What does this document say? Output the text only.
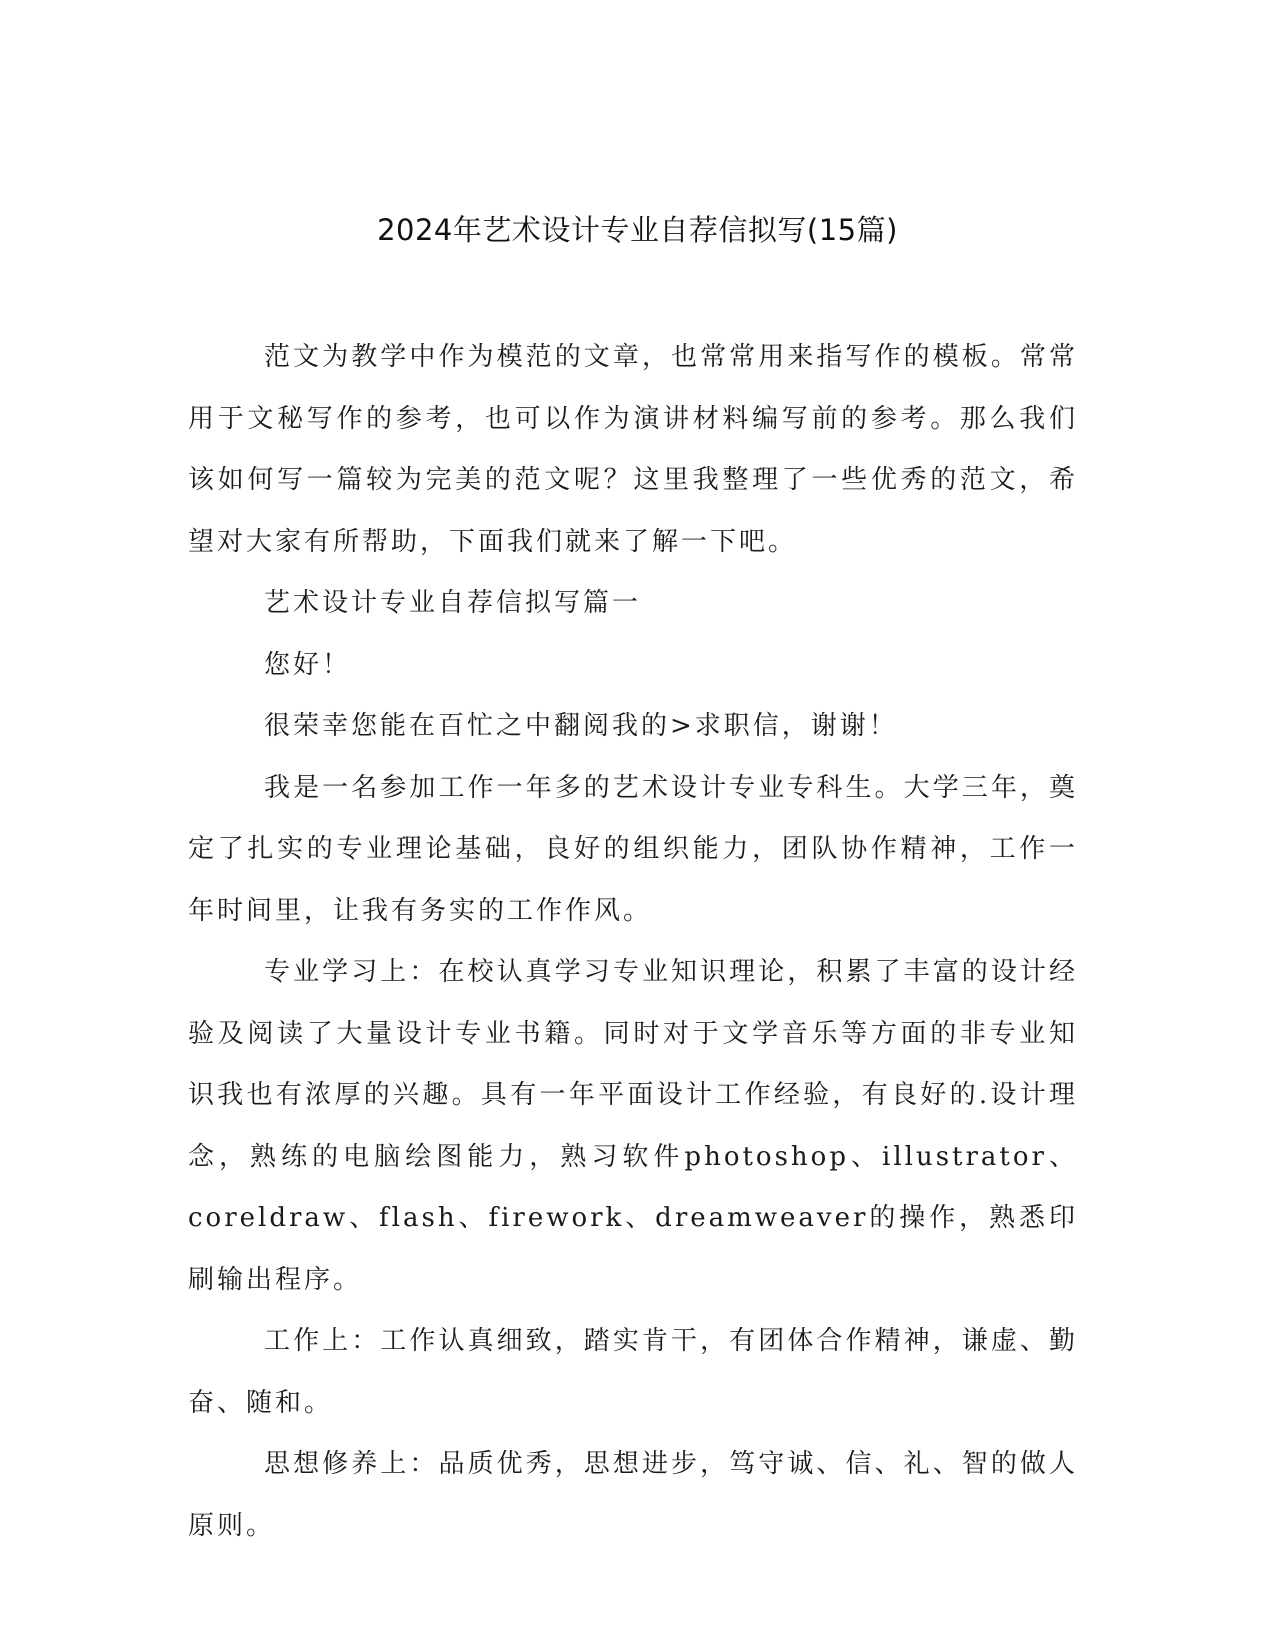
2024年艺术设计专业自荐信拟写(15篇)

范文为教学中作为模范的文章，也常常用来指写作的模板。常常用于文秘写作的参考，也可以作为演讲材料编写前的参考。那么我们该如何写一篇较为完美的范文呢？这里我整理了一些优秀的范文，希望对大家有所帮助，下面我们就来了解一下吧。

艺术设计专业自荐信拟写篇一

您好！

很荣幸您能在百忙之中翻阅我的>求职信，谢谢！

我是一名参加工作一年多的艺术设计专业专科生。大学三年，奠定了扎实的专业理论基础，良好的组织能力，团队协作精神，工作一年时间里，让我有务实的工作作风。

专业学习上：在校认真学习专业知识理论，积累了丰富的设计经验及阅读了大量设计专业书籍。同时对于文学音乐等方面的非专业知识我也有浓厚的兴趣。具有一年平面设计工作经验，有良好的.设计理念，熟练的电脑绘图能力，熟习软件photoshop、illustrator、coreldraw、flash、firework、dreamweaver的操作，熟悉印刷输出程序。

工作上：工作认真细致，踏实肯干，有团体合作精神，谦虚、勤奋、随和。

思想修养上：品质优秀，思想进步，笃守诚、信、礼、智的做人原则。
